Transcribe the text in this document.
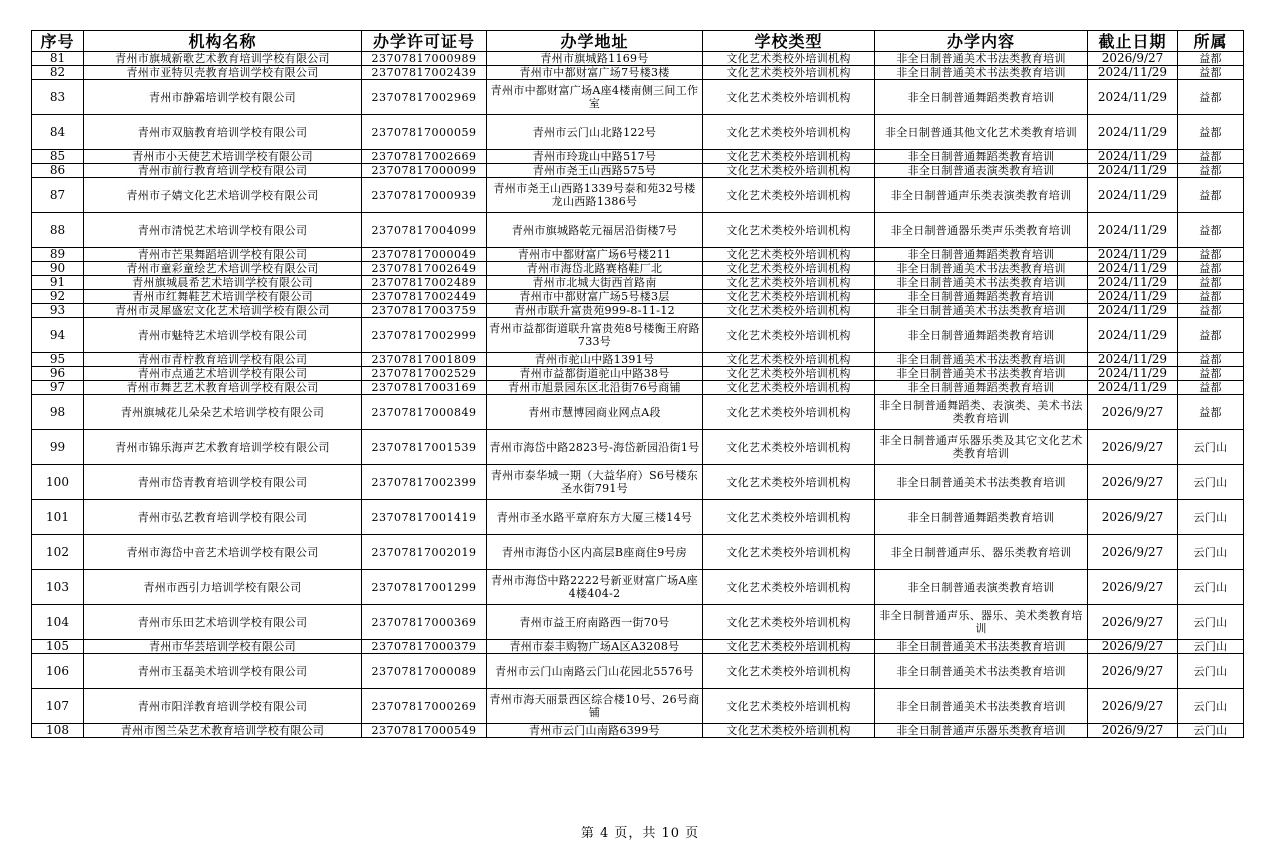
序号	机构名称	办学许可证号	办学地址	学校类型	办学内容	截止日期	所属
81	青州市旗城新歌艺术教育培训学校有限公司	23707817000989	青州市旗城路1169号	文化艺术类校外培训机构	非全日制普通美术书法类教育培训	2026/9/27	益都
82	青州市亚特贝壳教育培训学校有限公司	23707817002439	青州市中都财富广场7号楼3楼	文化艺术类校外培训机构	非全日制普通美术书法类教育培训	2024/11/29	益都
83	青州市静霜培训学校有限公司	23707817002969	青州市中都财富广场A座4楼南侧三间工作室	文化艺术类校外培训机构	非全日制普通舞蹈类教育培训	2024/11/29	益都
84	青州市双脑教育培训学校有限公司	23707817000059	青州市云门山北路122号	文化艺术类校外培训机构	非全日制普通其他文化艺术类教育培训	2024/11/29	益都
85	青州市小天使艺术培训学校有限公司	23707817002669	青州市玲珑山中路517号	文化艺术类校外培训机构	非全日制普通舞蹈类教育培训	2024/11/29	益都
86	青州市前行教育培训学校有限公司	23707817000099	青州市尧王山西路575号	文化艺术类校外培训机构	非全日制普通表演类教育培训	2024/11/29	益都
87	青州市子婧文化艺术培训学校有限公司	23707817000939	青州市尧王山西路1339号泰和苑32号楼龙山西路1386号	文化艺术类校外培训机构	非全日制普通声乐类表演类教育培训	2024/11/29	益都
88	青州市清悦艺术培训学校有限公司	23707817004099	青州市旗城路乾元福居沿街楼7号	文化艺术类校外培训机构	非全日制普通器乐类声乐类教育培训	2024/11/29	益都
89	青州市芒果舞蹈培训学校有限公司	23707817000049	青州市中都财富广场6号楼211	文化艺术类校外培训机构	非全日制普通舞蹈类教育培训	2024/11/29	益都
90	青州市童彩童绘艺术培训学校有限公司	23707817002649	青州市海岱北路赛格鞋厂北	文化艺术类校外培训机构	非全日制普通美术书法类教育培训	2024/11/29	益都
91	青州旗城晨希艺术培训学校有限公司	23707817002489	青州市北城大街西首路南	文化艺术类校外培训机构	非全日制普通美术书法类教育培训	2024/11/29	益都
92	青州市红舞鞋艺术培训学校有限公司	23707817002449	青州市中都财富广场5号楼3层	文化艺术类校外培训机构	非全日制普通舞蹈类教育培训	2024/11/29	益都
93	青州市灵犀盛宏文化艺术培训学校有限公司	23707817003759	青州市联升富贵苑999-8-11-12	文化艺术类校外培训机构	非全日制普通美术书法类教育培训	2024/11/29	益都
94	青州市魅特艺术培训学校有限公司	23707817002999	青州市益都街道联升富贵苑8号楼衡王府路733号	文化艺术类校外培训机构	非全日制普通舞蹈类教育培训	2024/11/29	益都
95	青州市青柠教育培训学校有限公司	23707817001809	青州市驼山中路1391号	文化艺术类校外培训机构	非全日制普通美术书法类教育培训	2024/11/29	益都
96	青州市点通艺术培训学校有限公司	23707817002529	青州市益都街道驼山中路38号	文化艺术类校外培训机构	非全日制普通美术书法类教育培训	2024/11/29	益都
97	青州市舞艺艺术教育培训学校有限公司	23707817003169	青州市旭景园东区北沿街76号商铺	文化艺术类校外培训机构	非全日制普通舞蹈类教育培训	2024/11/29	益都
98	青州旗城花儿朵朵艺术培训学校有限公司	23707817000849	青州市慧博园商业网点A段	文化艺术类校外培训机构	非全日制普通舞蹈类、表演类、美术书法类教育培训	2026/9/27	益都
99	青州市锦乐海声艺术教育培训学校有限公司	23707817001539	青州市海岱中路2823号-海岱新园沿街1号	文化艺术类校外培训机构	非全日制普通声乐器乐类及其它文化艺术类教育培训	2026/9/27	云门山
100	青州市岱青教育培训学校有限公司	23707817002399	青州市泰华城一期（大益华府）S6号楼东圣水街791号	文化艺术类校外培训机构	非全日制普通美术书法类教育培训	2026/9/27	云门山
101	青州市弘艺教育培训学校有限公司	23707817001419	青州市圣水路平章府东方大厦三楼14号	文化艺术类校外培训机构	非全日制普通舞蹈类教育培训	2026/9/27	云门山
102	青州市海岱中音艺术培训学校有限公司	23707817002019	青州市海岱小区内高层B座商住9号房	文化艺术类校外培训机构	非全日制普通声乐、器乐类教育培训	2026/9/27	云门山
103	青州市西引力培训学校有限公司	23707817001299	青州市海岱中路2222号新亚财富广场A座4楼404-2	文化艺术类校外培训机构	非全日制普通表演类教育培训	2026/9/27	云门山
104	青州市乐田艺术培训学校有限公司	23707817000369	青州市益王府南路西一街70号	文化艺术类校外培训机构	非全日制普通声乐、器乐、美术类教育培训	2026/9/27	云门山
105	青州市华芸培训学校有限公司	23707817000379	青州市泰丰购物广场A区A3208号	文化艺术类校外培训机构	非全日制普通美术书法类教育培训	2026/9/27	云门山
106	青州市玉磊美术培训学校有限公司	23707817000089	青州市云门山南路云门山花园北5576号	文化艺术类校外培训机构	非全日制普通美术书法类教育培训	2026/9/27	云门山
107	青州市阳洋教育培训学校有限公司	23707817000269	青州市海天丽景西区综合楼10号、26号商铺	文化艺术类校外培训机构	非全日制普通美术书法类教育培训	2026/9/27	云门山
108	青州市图兰朵艺术教育培训学校有限公司	23707817000549	青州市云门山南路6399号	文化艺术类校外培训机构	非全日制普通声乐器乐类教育培训	2026/9/27	云门山
第 4 页，共 10 页
